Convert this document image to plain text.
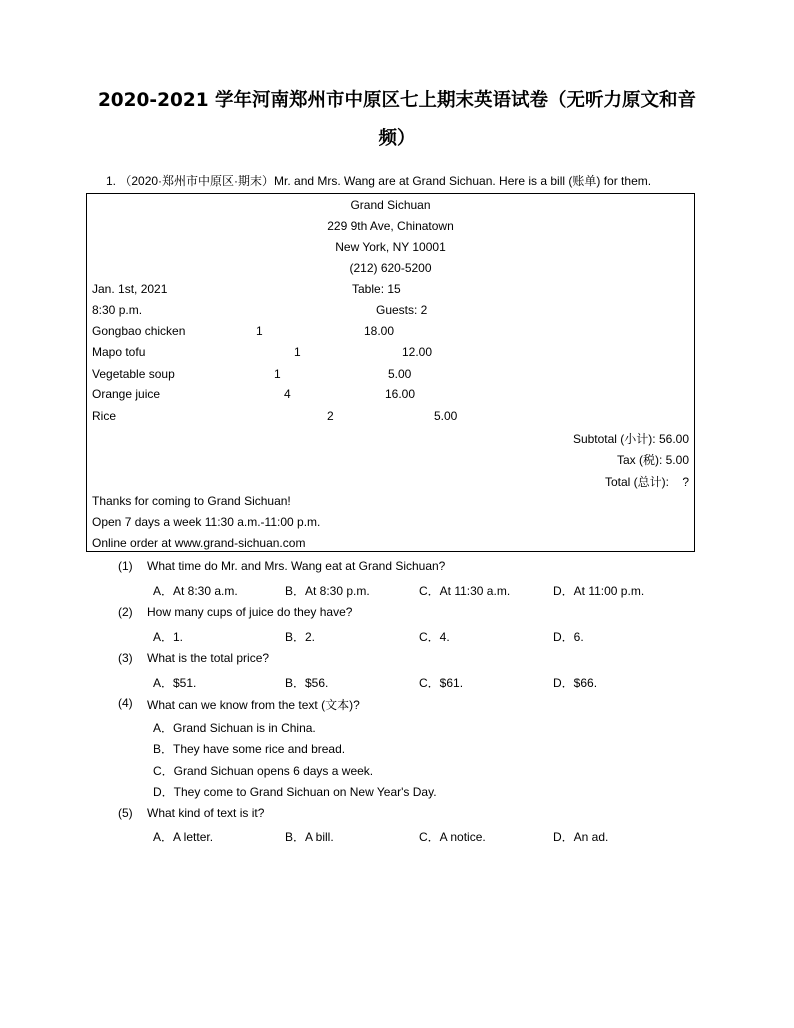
2020-2021 学年河南郑州市中原区七上期末英语试卷（无听力原文和音
频）
1. （2020·郑州市中原区·期末）Mr. and Mrs. Wang are at Grand Sichuan. Here is a bill (账单) for them.
Grand Sichuan
229 9th Ave, Chinatown
New York, NY 10001
(212) 620-5200
Jan. 1st, 2021	Table: 15
8:30 p.m.	Guests: 2
Gongbao chicken	1	18.00
Mapo tofu	1	12.00
Vegetable soup	1	5.00
Orange juice	4	16.00
Rice	2	5.00
Subtotal (小计): 56.00
Tax (税): 5.00
Total (总计):    ?
Thanks for coming to Grand Sichuan!
Open 7 days a week 11:30 a.m.-11:00 p.m.
Online order at www.grand-sichuan.com
(1) What time do Mr. and Mrs. Wang eat at Grand Sichuan?
A．At 8:30 a.m.	B．At 8:30 p.m.	C．At 11:30 a.m.	D．At 11:00 p.m.
(2) How many cups of juice do they have?
A．1.	B．2.	C．4.	D．6.
(3) What is the total price?
A．$51.	B．$56.	C．$61.	D．$66.
(4) What can we know from the text (文本)?
A．Grand Sichuan is in China.
B．They have some rice and bread.
C．Grand Sichuan opens 6 days a week.
D．They come to Grand Sichuan on New Year's Day.
(5) What kind of text is it?
A．A letter.	B．A bill.	C．A notice.	D．An ad.
